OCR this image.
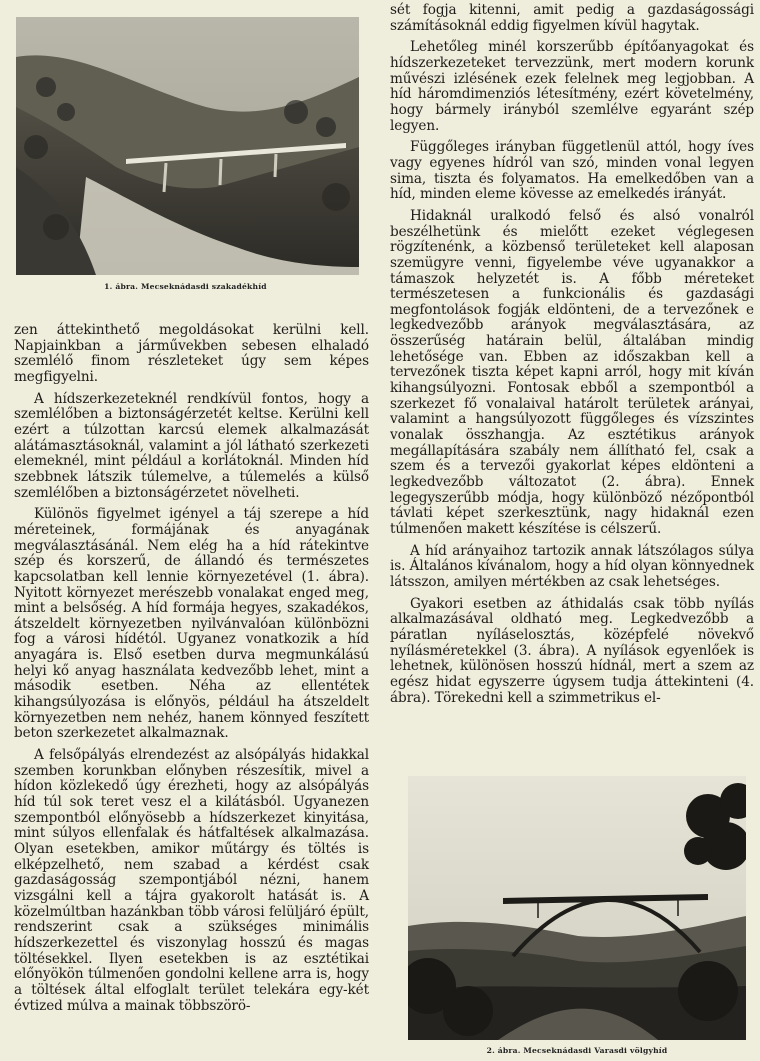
1. ábra. Mecseknádasdi szakadékhíd

zen áttekinthető megoldásokat kerülni kell. Napjainkban a járművekben sebesen elhaladó szemlélő finom részleteket úgy sem képes megfigyelni.

A hídszerkezeteknél rendkívül fontos, hogy a szemlélőben a biztonságérzetét keltse. Kerülni kell ezért a túlzottan karcsú elemek alkalmazását alátámasztásoknál, valamint a jól látható szerkezeti elemeknél, mint például a korlátoknál. Minden híd szebbnek látszik túlemelve, a túlemelés a külső szemlélőben a biztonságérzetet növelheti.

Különös figyelmet igényel a táj szerepe a híd méreteinek, formájának és anyagának megválasztásánál. Nem elég ha a híd rátekintve szép és korszerű, de állandó és természetes kapcsolatban kell lennie környezetével (1. ábra). Nyitott környezet merészebb vonalakat enged meg, mint a belsőség. A híd formája hegyes, szakadékos, átszeldelt környezetben nyilvánvalóan különbözni fog a városi hídétól. Ugyanez vonatkozik a híd anyagára is. Első esetben durva megmunkálású helyi kő anyag használata kedvezőbb lehet, mint a második esetben. Néha az ellentétek kihangsúlyozása is előnyös, például ha átszeldelt környezetben nem nehéz, hanem könnyed feszített beton szerkezetet alkalmaznak.

A felsőpályás elrendezést az alsópályás hidakkal szemben korunkban előnyben részesítik, mivel a hídon közlekedő úgy érezheti, hogy az alsópályás híd túl sok teret vesz el a kilátásból. Ugyanezen szempontból előnyösebb a hídszerkezet kinyitása, mint súlyos ellenfalak és hátfaltések alkalmazása. Olyan esetekben, amikor műtárgy és töltés is elképzelhető, nem szabad a kérdést csak gazdaságosság szempontjából nézni, hanem vizsgálni kell a tájra gyakorolt hatását is. A közelmúltban hazánkban több városi felüljáró épült, rendszerint csak a szükséges minimális hídszerkezettel és viszonylag hosszú és magas töltésekkel. Ilyen esetekben is az esztétikai előnyökön túlmenően gondolni kellene arra is, hogy a töltések által elfoglalt terület telekára egy-két évtized múlva a mainak többszörö-

sét fogja kitenni, amit pedig a gazdaságossági számításoknál eddig figyelmen kívül hagytak.

Lehetőleg minél korszerűbb építőanyagokat és hídszerkezeteket tervezzünk, mert modern korunk művészi izlésének ezek felelnek meg legjobban. A híd háromdimenziós létesítmény, ezért követelmény, hogy bármely irányból szemlélve egyaránt szép legyen.

Függőleges irányban függetlenül attól, hogy íves vagy egyenes hídról van szó, minden vonal legyen sima, tiszta és folyamatos. Ha emelkedőben van a híd, minden eleme kövesse az emelkedés irányát.

Hidaknál uralkodó felső és alsó vonalról beszélhetünk és mielőtt ezeket véglegesen rögzítenénk, a közbenső területeket kell alaposan szemügyre venni, figyelembe véve ugyanakkor a támaszok helyzetét is. A főbb méreteket természetesen a funkcionális és gazdasági megfontolások fogják eldönteni, de a tervezőnek e legkedvezőbb arányok megválasztására, az összerűség határain belül, általában mindig lehetősége van. Ebben az időszakban kell a tervezőnek tiszta képet kapni arról, hogy mit kíván kihangsúlyozni. Fontosak ebből a szempontból a szerkezet fő vonalaival határolt területek arányai, valamint a hangsúlyozott függőleges és vízszintes vonalak összhangja. Az esztétikus arányok megállapítására szabály nem állítható fel, csak a szem és a tervezői gyakorlat képes eldönteni a legkedvezőbb változatot (2. ábra). Ennek legegyszerűbb módja, hogy különböző nézőpontból távlati képet szerkesztünk, nagy hidaknál ezen túlmenően makett készítése is célszerű.

A híd arányaihoz tartozik annak látszólagos súlya is. Általános kívánalom, hogy a híd olyan könnyednek látsszon, amilyen mértékben az csak lehetséges.

Gyakori esetben az áthidalás csak több nyílás alkalmazásával oldható meg. Legkedvezőbb a páratlan nyíláselosztás, középfelé növekvő nyílásméretekkel (3. ábra). A nyílások egyenlőek is lehetnek, különösen hosszú hídnál, mert a szem az egész hidat egyszerre úgysem tudja áttekinteni (4. ábra). Törekedni kell a szimmetrikus el-

2. ábra. Mecseknádasdi Varasdi völgyhíd
